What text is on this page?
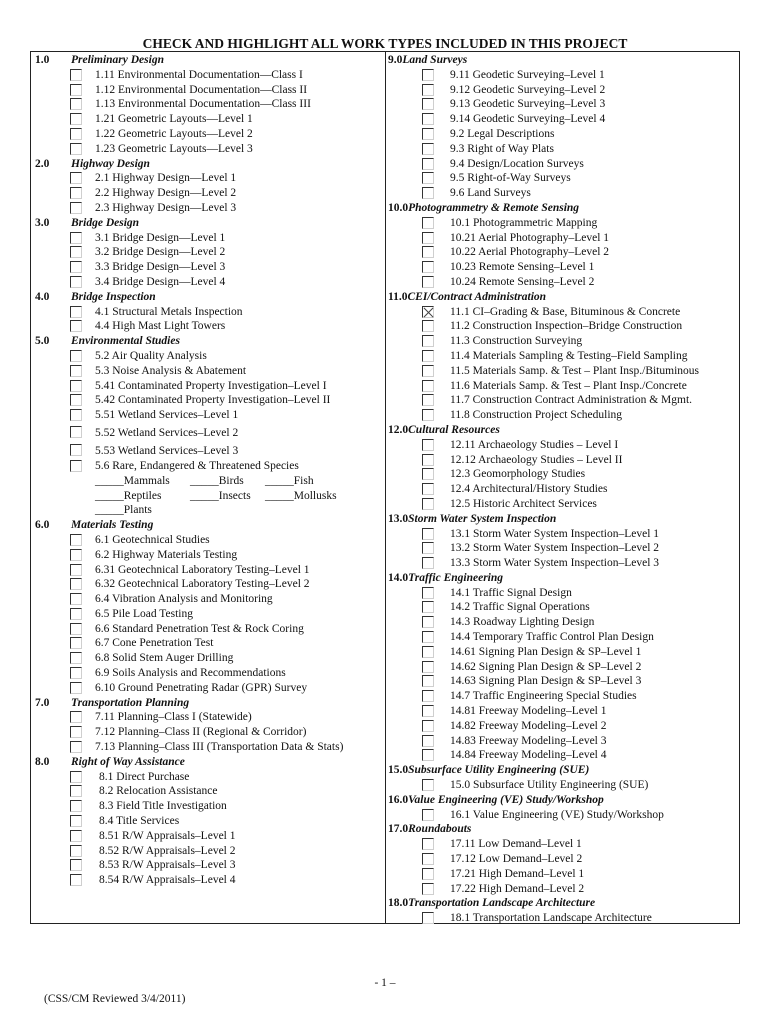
CHECK AND HIGHLIGHT ALL WORK TYPES INCLUDED IN THIS PROJECT
1.0 Preliminary Design
1.11 Environmental Documentation—Class I
1.12 Environmental Documentation—Class II
1.13 Environmental Documentation—Class III
1.21 Geometric Layouts—Level 1
1.22 Geometric Layouts—Level 2
1.23 Geometric Layouts—Level 3
2.0 Highway Design
2.1 Highway Design—Level 1
2.2 Highway Design—Level 2
2.3 Highway Design—Level 3
3.0 Bridge Design
3.1 Bridge Design—Level 1
3.2 Bridge Design—Level 2
3.3 Bridge Design—Level 3
3.4 Bridge Design—Level 4
4.0 Bridge Inspection
4.1 Structural Metals Inspection
4.4 High Mast Light Towers
5.0 Environmental Studies
5.2 Air Quality Analysis
5.3 Noise Analysis & Abatement
5.41 Contaminated Property Investigation–Level I
5.42 Contaminated Property Investigation–Level II
5.51 Wetland Services–Level 1
5.52 Wetland Services–Level 2
5.53 Wetland Services–Level 3
5.6 Rare, Endangered & Threatened Species
_____Mammals _____Birds _____Fish
_____Reptiles _____Insects _____Mollusks
_____Plants
6.0 Materials Testing
6.1 Geotechnical Studies
6.2 Highway Materials Testing
6.31 Geotechnical Laboratory Testing–Level 1
6.32 Geotechnical Laboratory Testing–Level 2
6.4 Vibration Analysis and Monitoring
6.5 Pile Load Testing
6.6 Standard Penetration Test & Rock Coring
6.7 Cone Penetration Test
6.8 Solid Stem Auger Drilling
6.9 Soils Analysis and Recommendations
6.10 Ground Penetrating Radar (GPR) Survey
7.0 Transportation Planning
7.11 Planning–Class I (Statewide)
7.12 Planning–Class II (Regional & Corridor)
7.13 Planning–Class III (Transportation Data & Stats)
8.0 Right of Way Assistance
8.1 Direct Purchase
8.2 Relocation Assistance
8.3 Field Title Investigation
8.4 Title Services
8.51 R/W Appraisals–Level 1
8.52 R/W Appraisals–Level 2
8.53 R/W Appraisals–Level 3
8.54 R/W Appraisals–Level 4
9.0Land Surveys
9.11 Geodetic Surveying–Level 1
9.12 Geodetic Surveying–Level 2
9.13 Geodetic Surveying–Level 3
9.14 Geodetic Surveying–Level 4
9.2 Legal Descriptions
9.3 Right of Way Plats
9.4 Design/Location Surveys
9.5 Right-of-Way Surveys
9.6 Land Surveys
10.0Photogrammetry & Remote Sensing
10.1 Photogrammetric Mapping
10.21 Aerial Photography–Level 1
10.22 Aerial Photography–Level 2
10.23 Remote Sensing–Level 1
10.24 Remote Sensing–Level 2
11.0CEI/Contract Administration
11.1 CI–Grading & Base, Bituminous & Concrete
11.2 Construction Inspection–Bridge Construction
11.3 Construction Surveying
11.4 Materials Sampling & Testing–Field Sampling
11.5 Materials Samp. & Test – Plant Insp./Bituminous
11.6 Materials Samp. & Test – Plant Insp./Concrete
11.7 Construction Contract Administration & Mgmt.
11.8 Construction Project Scheduling
12.0Cultural Resources
12.11 Archaeology Studies – Level I
12.12 Archaeology Studies – Level II
12.3 Geomorphology Studies
12.4 Architectural/History Studies
12.5 Historic Architect Services
13.0Storm Water System Inspection
13.1 Storm Water System Inspection–Level 1
13.2 Storm Water System Inspection–Level 2
13.3 Storm Water System Inspection–Level 3
14.0Traffic Engineering
14.1 Traffic Signal Design
14.2 Traffic Signal Operations
14.3 Roadway Lighting Design
14.4 Temporary Traffic Control Plan Design
14.61 Signing Plan Design & SP–Level 1
14.62 Signing Plan Design & SP–Level 2
14.63 Signing Plan Design & SP–Level 3
14.7 Traffic Engineering Special Studies
14.81 Freeway Modeling–Level 1
14.82 Freeway Modeling–Level 2
14.83 Freeway Modeling–Level 3
14.84 Freeway Modeling–Level 4
15.0Subsurface Utility Engineering (SUE)
15.0 Subsurface Utility Engineering (SUE)
16.0Value Engineering (VE) Study/Workshop
16.1 Value Engineering (VE) Study/Workshop
17.0Roundabouts
17.11 Low Demand–Level 1
17.12 Low Demand–Level 2
17.21 High Demand–Level 1
17.22 High Demand–Level 2
18.0Transportation Landscape Architecture
18.1 Transportation Landscape Architecture
- 1 –
(CSS/CM Reviewed 3/4/2011)
